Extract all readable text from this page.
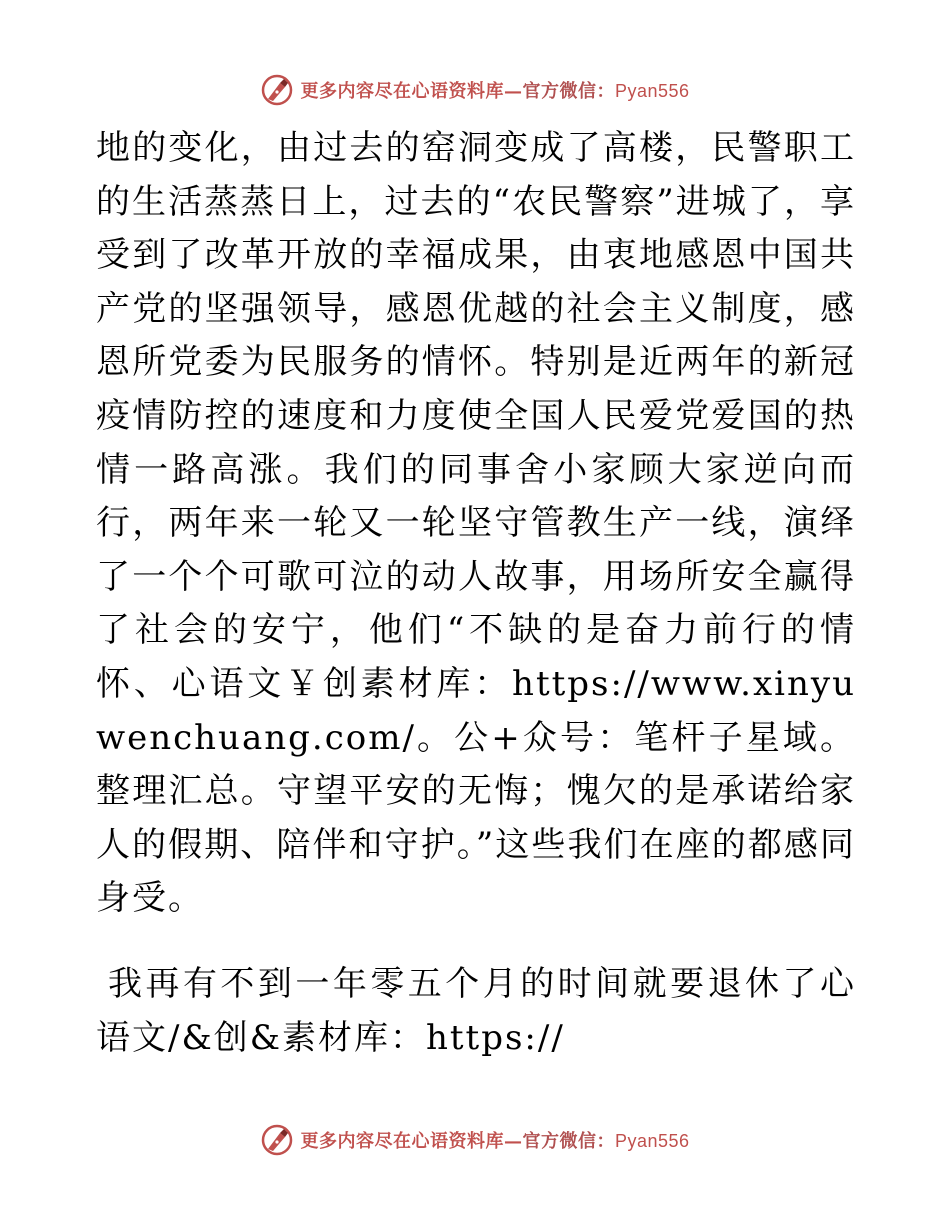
更多内容尽在心语资料库—官方微信：Pyan556

地的变化，由过去的窑洞变成了高楼，民警职工的生活蒸蒸日上，过去的“农民警察”进城了，享受到了改革开放的幸福成果，由衷地感恩中国共产党的坚强领导，感恩优越的社会主义制度，感恩所党委为民服务的情怀。特别是近两年的新冠疫情防控的速度和力度使全国人民爱党爱国的热情一路高涨。我们的同事舍小家顾大家逆向而行，两年来一轮又一轮坚守管教生产一线，演绎了一个个可歌可泣的动人故事，用场所安全赢得了社会的安宁，他们“不缺的是奋力前行的情怀、心语文￥创素材库：https://www.xinyuwenchuang.com/。公+众号：笔杆子星域。整理汇总。守望平安的无悔；愧欠的是承诺给家人的假期、陪伴和守护。”这些我们在座的都感同身受。

我再有不到一年零五个月的时间就要退休了心语文/&创&素材库：https://

更多内容尽在心语资料库—官方微信：Pyan556
